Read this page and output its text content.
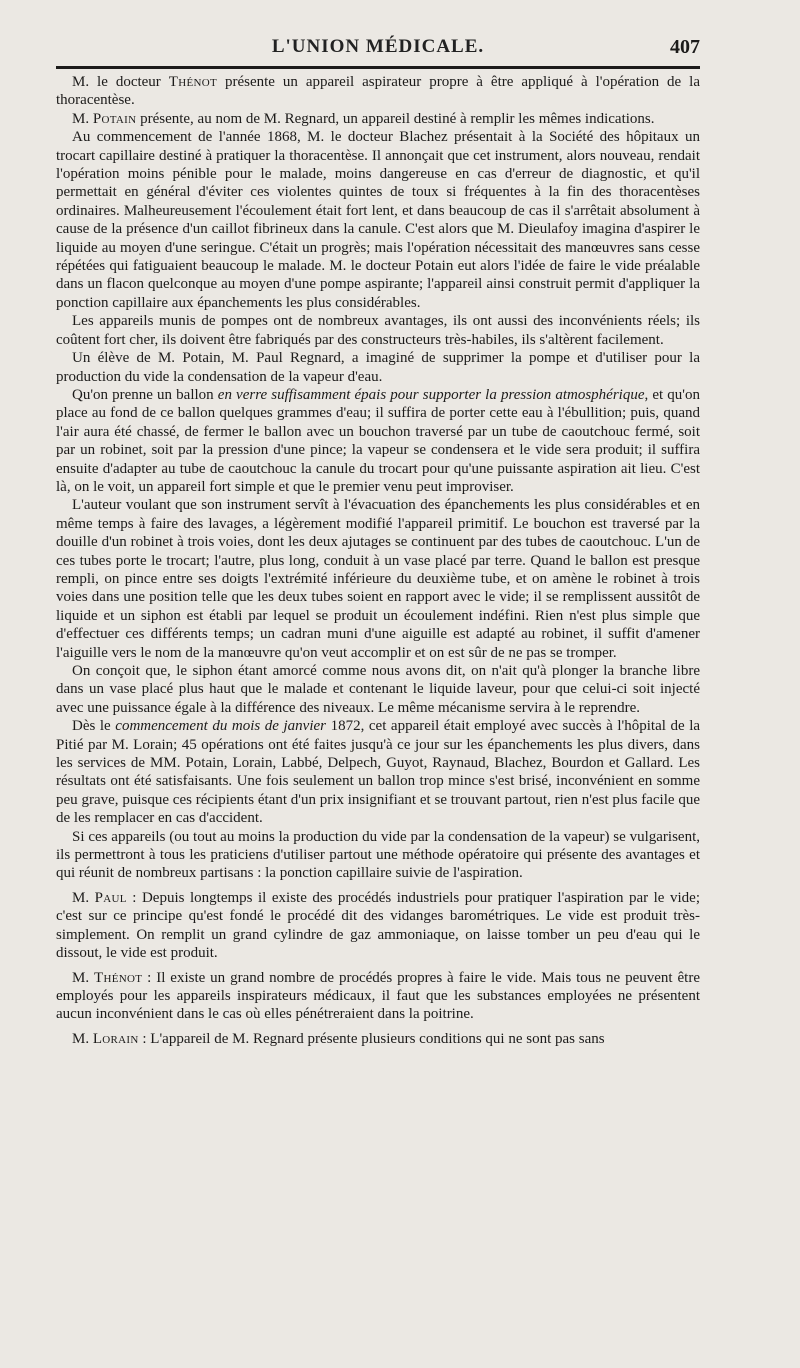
L'UNION MÉDICALE.	407

M. le docteur Thénot présente un appareil aspirateur propre à être appliqué à l'opération de la thoracentèse.

M. Potain présente, au nom de M. Regnard, un appareil destiné à remplir les mêmes indications.

Au commencement de l'année 1868, M. le docteur Blachez présentait à la Société des hôpitaux un trocart capillaire destiné à pratiquer la thoracentèse. Il annonçait que cet instrument, alors nouveau, rendait l'opération moins pénible pour le malade, moins dangereuse en cas d'erreur de diagnostic, et qu'il permettait en général d'éviter ces violentes quintes de toux si fréquentes à la fin des thoracentèses ordinaires. Malheureusement l'écoulement était fort lent, et dans beaucoup de cas il s'arrêtait absolument à cause de la présence d'un caillot fibrineux dans la canule. C'est alors que M. Dieulafoy imagina d'aspirer le liquide au moyen d'une seringue. C'était un progrès; mais l'opération nécessitait des manœuvres sans cesse répétées qui fatiguaient beaucoup le malade. M. le docteur Potain eut alors l'idée de faire le vide préalable dans un flacon quelconque au moyen d'une pompe aspirante; l'appareil ainsi construit permit d'appliquer la ponction capillaire aux épanchements les plus considérables.

Les appareils munis de pompes ont de nombreux avantages, ils ont aussi des inconvénients réels; ils coûtent fort cher, ils doivent être fabriqués par des constructeurs très-habiles, ils s'altèrent facilement.

Un élève de M. Potain, M. Paul Regnard, a imaginé de supprimer la pompe et d'utiliser pour la production du vide la condensation de la vapeur d'eau.

Qu'on prenne un ballon en verre suffisamment épais pour supporter la pression atmosphérique, et qu'on place au fond de ce ballon quelques grammes d'eau; il suffira de porter cette eau à l'ébullition; puis, quand l'air aura été chassé, de fermer le ballon avec un bouchon traversé par un tube de caoutchouc fermé, soit par un robinet, soit par la pression d'une pince; la vapeur se condensera et le vide sera produit; il suffira ensuite d'adapter au tube de caoutchouc la canule du trocart pour qu'une puissante aspiration ait lieu. C'est là, on le voit, un appareil fort simple et que le premier venu peut improviser.

L'auteur voulant que son instrument servît à l'évacuation des épanchements les plus considérables et en même temps à faire des lavages, a légèrement modifié l'appareil primitif. Le bouchon est traversé par la douille d'un robinet à trois voies, dont les deux ajutages se continuent par des tubes de caoutchouc. L'un de ces tubes porte le trocart; l'autre, plus long, conduit à un vase placé par terre. Quand le ballon est presque rempli, on pince entre ses doigts l'extrémité inférieure du deuxième tube, et on amène le robinet à trois voies dans une position telle que les deux tubes soient en rapport avec le vide; il se remplissent aussitôt de liquide et un siphon est établi par lequel se produit un écoulement indéfini. Rien n'est plus simple que d'effectuer ces différents temps; un cadran muni d'une aiguille est adapté au robinet, il suffit d'amener l'aiguille vers le nom de la manœuvre qu'on veut accomplir et on est sûr de ne pas se tromper.

On conçoit que, le siphon étant amorcé comme nous avons dit, on n'ait qu'à plonger la branche libre dans un vase placé plus haut que le malade et contenant le liquide laveur, pour que celui-ci soit injecté avec une puissance égale à la différence des niveaux. Le même mécanisme servira à le reprendre.

Dès le commencement du mois de janvier 1872, cet appareil était employé avec succès à l'hôpital de la Pitié par M. Lorain; 45 opérations ont été faites jusqu'à ce jour sur les épanchements les plus divers, dans les services de MM. Potain, Lorain, Labbé, Delpech, Guyot, Raynaud, Blachez, Bourdon et Gallard. Les résultats ont été satisfaisants. Une fois seulement un ballon trop mince s'est brisé, inconvénient en somme peu grave, puisque ces récipients étant d'un prix insignifiant et se trouvant partout, rien n'est plus facile que de les remplacer en cas d'accident.

Si ces appareils (ou tout au moins la production du vide par la condensation de la vapeur) se vulgarisent, ils permettront à tous les praticiens d'utiliser partout une méthode opératoire qui présente des avantages et qui réunit de nombreux partisans : la ponction capillaire suivie de l'aspiration.

M. Paul : Depuis longtemps il existe des procédés industriels pour pratiquer l'aspiration par le vide; c'est sur ce principe qu'est fondé le procédé dit des vidanges barométriques. Le vide est produit très-simplement. On remplit un grand cylindre de gaz ammoniaque, on laisse tomber un peu d'eau qui le dissout, le vide est produit.

M. Thénot : Il existe un grand nombre de procédés propres à faire le vide. Mais tous ne peuvent être employés pour les appareils inspirateurs médicaux, il faut que les substances employées ne présentent aucun inconvénient dans le cas où elles pénétreraient dans la poitrine.

M. Lorain : L'appareil de M. Regnard présente plusieurs conditions qui ne sont pas sans
